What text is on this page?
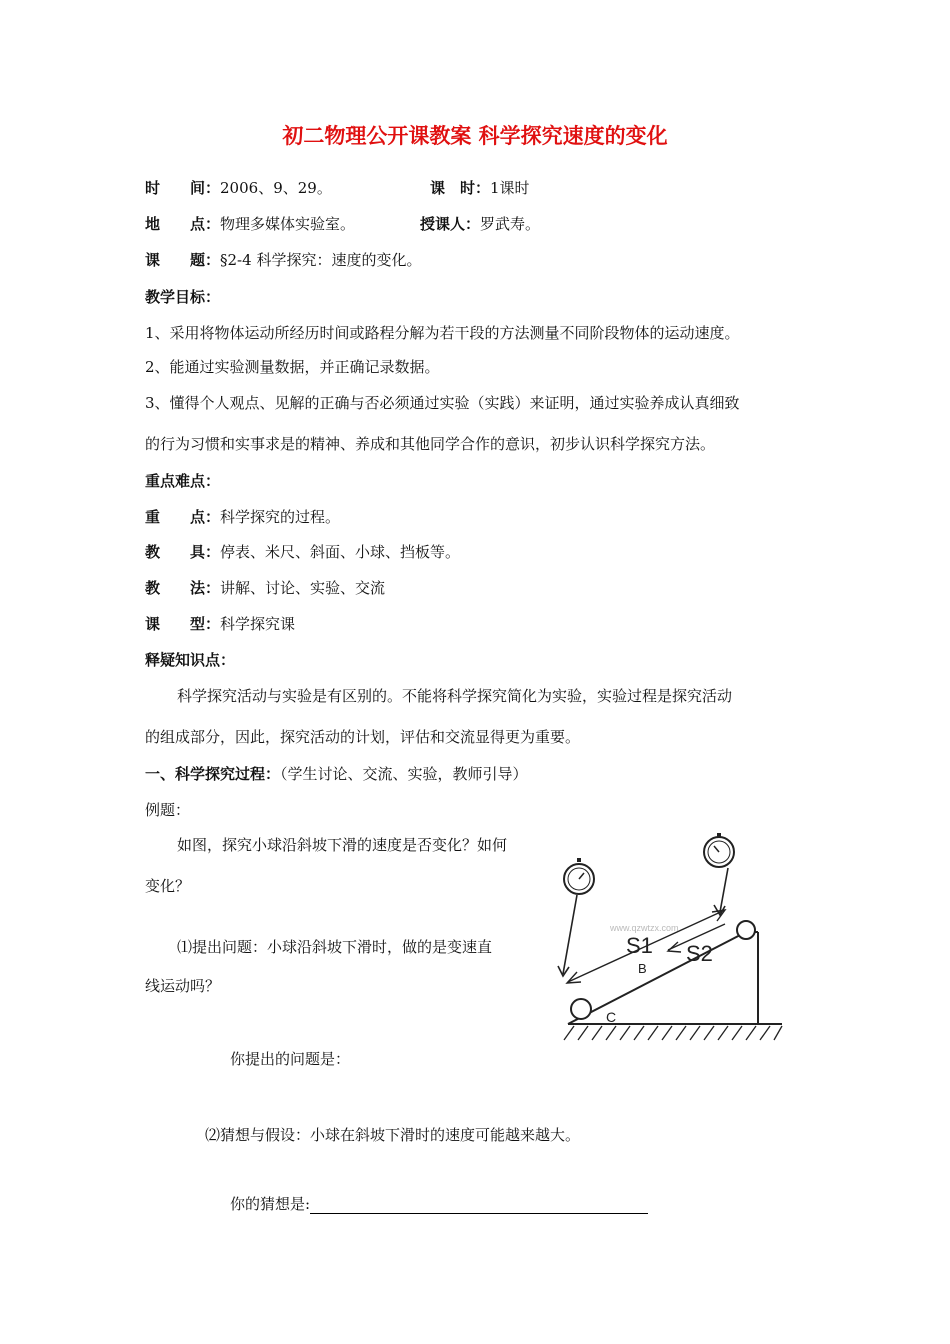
初二物理公开课教案 科学探究速度的变化
时　　间：2006、9、29。	课　时：1课时
地　　点：物理多媒体实验室。	授课人：罗武寿。
课　　题：§2-4 科学探究：速度的变化。
教学目标：
1、采用将物体运动所经历时间或路程分解为若干段的方法测量不同阶段物体的运动速度。
2、能通过实验测量数据，并正确记录数据。
3、懂得个人观点、见解的正确与否必须通过实验（实践）来证明，通过实验养成认真细致
的行为习惯和实事求是的精神、养成和其他同学合作的意识，初步认识科学探究方法。
重点难点：
重　　点：科学探究的过程。
教　　具：停表、米尺、斜面、小球、挡板等。
教　　法：讲解、讨论、实验、交流
课　　型：科学探究课
释疑知识点：
科学探究活动与实验是有区别的。不能将科学探究简化为实验，实验过程是探究活动
的组成部分，因此，探究活动的计划，评估和交流显得更为重要。
一、科学探究过程：（学生讨论、交流、实验，教师引导）
例题：
如图，探究小球沿斜坡下滑的速度是否变化？如何
变化？
⑴提出问题：小球沿斜坡下滑时，做的是变速直
线运动吗？
你提出的问题是：
⑵猜想与假设：小球在斜坡下滑时的速度可能越来越大。
你的猜想是:
www.qzwtzx.com
S1 S2
B
C
